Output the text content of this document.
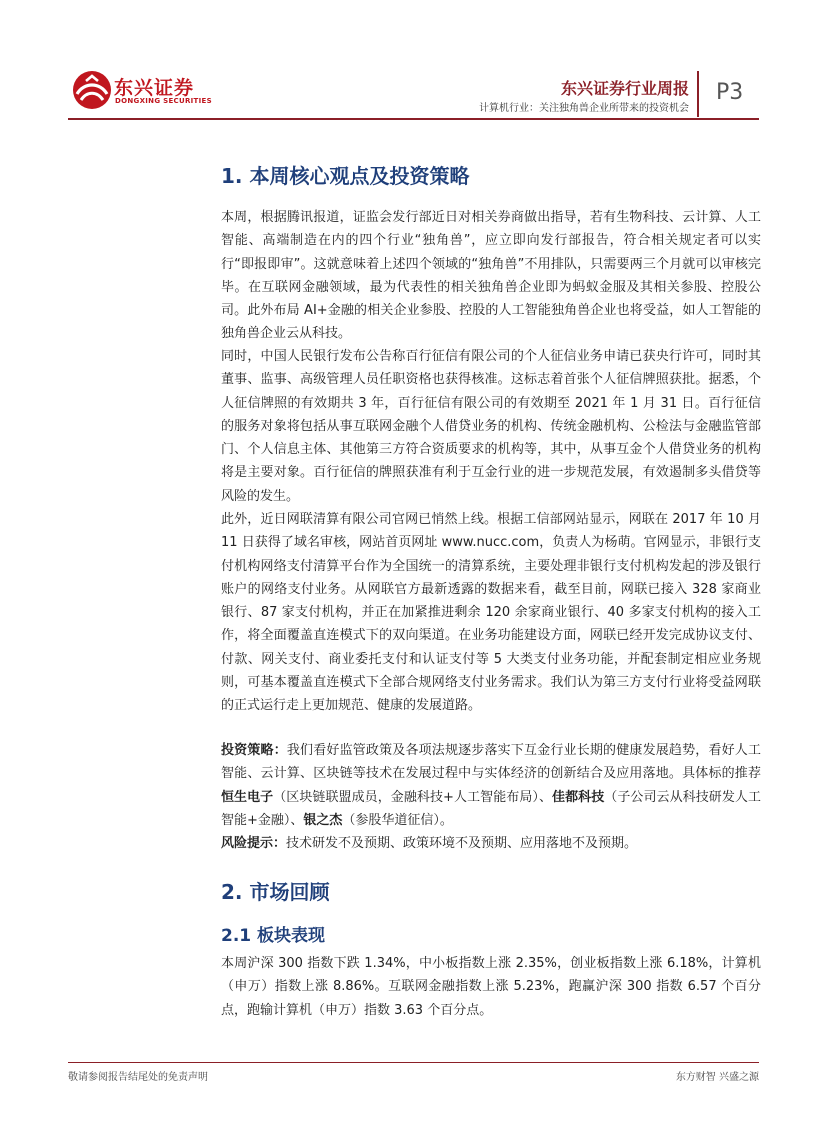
东兴证券
DONGXING SECURITIES
东兴证券行业周报
计算机行业：关注独角兽企业所带来的投资机会
P3
1. 本周核心观点及投资策略

本周，根据腾讯报道，证监会发行部近日对相关券商做出指导，若有生物科技、云计算、人工智能、高端制造在内的四个行业“独角兽”，应立即向发行部报告，符合相关规定者可以实行“即报即审”。这就意味着上述四个领域的“独角兽”不用排队，只需要两三个月就可以审核完毕。在互联网金融领域，最为代表性的相关独角兽企业即为蚂蚁金服及其相关参股、控股公司。此外布局 AI+金融的相关企业参股、控股的人工智能独角兽企业也将受益，如人工智能的独角兽企业云从科技。

同时，中国人民银行发布公告称百行征信有限公司的个人征信业务申请已获央行许可，同时其董事、监事、高级管理人员任职资格也获得核准。这标志着首张个人征信牌照获批。据悉，个人征信牌照的有效期共 3 年，百行征信有限公司的有效期至 2021 年 1 月 31 日。百行征信的服务对象将包括从事互联网金融个人借贷业务的机构、传统金融机构、公检法与金融监管部门、个人信息主体、其他第三方符合资质要求的机构等，其中，从事互金个人借贷业务的机构将是主要对象。百行征信的牌照获准有利于互金行业的进一步规范发展，有效遏制多头借贷等风险的发生。

此外，近日网联清算有限公司官网已悄然上线。根据工信部网站显示，网联在 2017 年 10 月 11 日获得了域名审核，网站首页网址 www.nucc.com，负责人为杨萌。官网显示，非银行支付机构网络支付清算平台作为全国统一的清算系统，主要处理非银行支付机构发起的涉及银行账户的网络支付业务。从网联官方最新透露的数据来看，截至目前，网联已接入 328 家商业银行、87 家支付机构，并正在加紧推进剩余 120 余家商业银行、40 多家支付机构的接入工作，将全面覆盖直连模式下的双向渠道。在业务功能建设方面，网联已经开发完成协议支付、付款、网关支付、商业委托支付和认证支付等 5 大类支付业务功能，并配套制定相应业务规则，可基本覆盖直连模式下全部合规网络支付业务需求。我们认为第三方支付行业将受益网联的正式运行走上更加规范、健康的发展道路。

投资策略：我们看好监管政策及各项法规逐步落实下互金行业长期的健康发展趋势，看好人工智能、云计算、区块链等技术在发展过程中与实体经济的创新结合及应用落地。具体标的推荐恒生电子（区块链联盟成员，金融科技+人工智能布局）、佳都科技（子公司云从科技研发人工智能+金融）、银之杰（参股华道征信）。

风险提示：技术研发不及预期、政策环境不及预期、应用落地不及预期。

2. 市场回顾
2.1 板块表现

本周沪深 300 指数下跌 1.34%，中小板指数上涨 2.35%，创业板指数上涨 6.18%，计算机（申万）指数上涨 8.86%。互联网金融指数上涨 5.23%，跑赢沪深 300 指数 6.57 个百分点，跑输计算机（申万）指数 3.63 个百分点。

敬请参阅报告结尾处的免责声明	东方财智 兴盛之源
